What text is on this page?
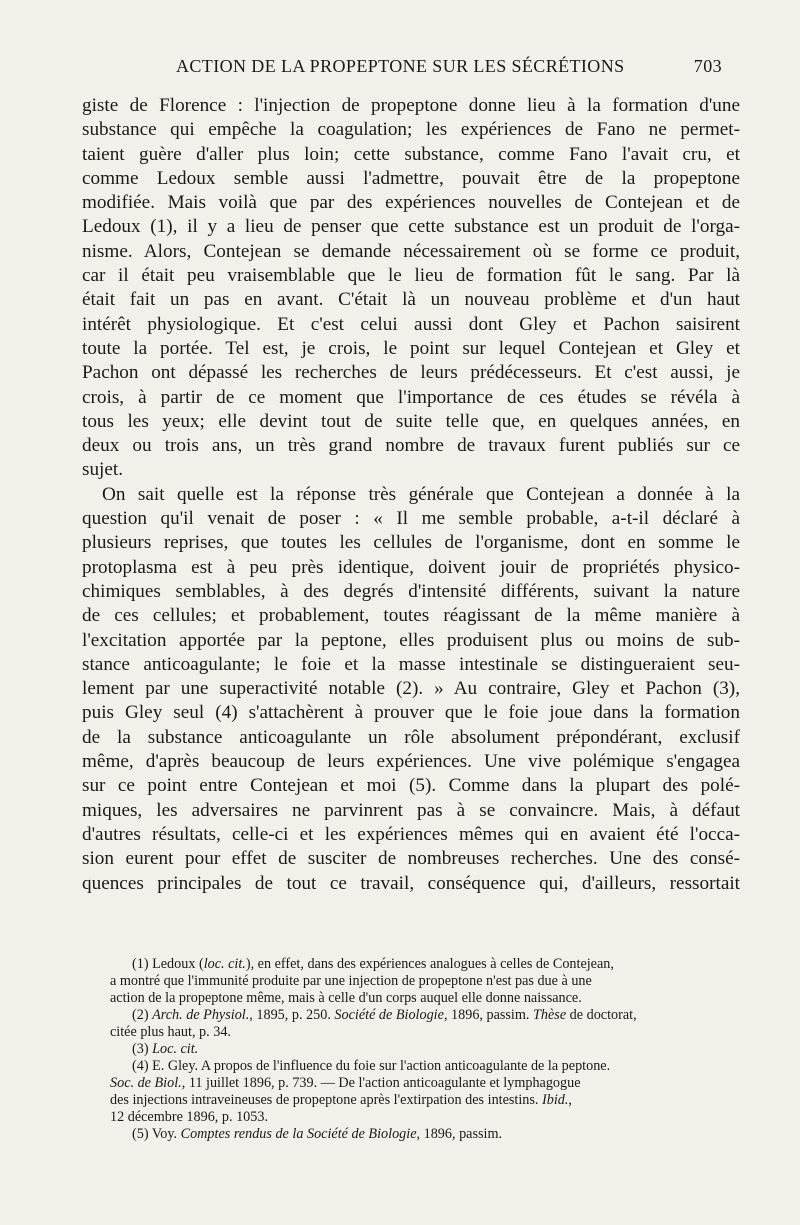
ACTION DE LA PROPEPTONE SUR LES SÉCRÉTIONS	703
giste de Florence : l'injection de propeptone donne lieu à la formation d'une
substance qui empêche la coagulation; les expériences de Fano ne permet-
taient guère d'aller plus loin; cette substance, comme Fano l'avait cru, et
comme Ledoux semble aussi l'admettre, pouvait être de la propeptone
modifiée. Mais voilà que par des expériences nouvelles de Contejean et de
Ledoux (1), il y a lieu de penser que cette substance est un produit de l'orga-
nisme. Alors, Contejean se demande nécessairement où se forme ce produit,
car il était peu vraisemblable que le lieu de formation fût le sang. Par là
était fait un pas en avant. C'était là un nouveau problème et d'un haut
intérêt physiologique. Et c'est celui aussi dont Gley et Pachon saisirent
toute la portée. Tel est, je crois, le point sur lequel Contejean et Gley et
Pachon ont dépassé les recherches de leurs prédécesseurs. Et c'est aussi, je
crois, à partir de ce moment que l'importance de ces études se révéla à
tous les yeux; elle devint tout de suite telle que, en quelques années, en
deux ou trois ans, un très grand nombre de travaux furent publiés sur ce
sujet.
On sait quelle est la réponse très générale que Contejean a donnée à la
question qu'il venait de poser : « Il me semble probable, a-t-il déclaré à
plusieurs reprises, que toutes les cellules de l'organisme, dont en somme le
protoplasma est à peu près identique, doivent jouir de propriétés physico-
chimiques semblables, à des degrés d'intensité différents, suivant la nature
de ces cellules; et probablement, toutes réagissant de la même manière à
l'excitation apportée par la peptone, elles produisent plus ou moins de sub-
stance anticoagulante; le foie et la masse intestinale se distingueraient seu-
lement par une superactivité notable (2). » Au contraire, Gley et Pachon (3),
puis Gley seul (4) s'attachèrent à prouver que le foie joue dans la formation
de la substance anticoagulante un rôle absolument prépondérant, exclusif
même, d'après beaucoup de leurs expériences. Une vive polémique s'engagea
sur ce point entre Contejean et moi (5). Comme dans la plupart des polé-
miques, les adversaires ne parvinrent pas à se convaincre. Mais, à défaut
d'autres résultats, celle-ci et les expériences mêmes qui en avaient été l'occa-
sion eurent pour effet de susciter de nombreuses recherches. Une des consé-
quences principales de tout ce travail, conséquence qui, d'ailleurs, ressortait
(1) Ledoux (loc. cit.), en effet, dans des expériences analogues à celles de Contejean,
a montré que l'immunité produite par une injection de propeptone n'est pas due à une
action de la propeptone même, mais à celle d'un corps auquel elle donne naissance.
(2) Arch. de Physiol., 1895, p. 250. Société de Biologie, 1896, passim. Thèse de doctorat,
citée plus haut, p. 34.
(3) Loc. cit.
(4) E. Gley. A propos de l'influence du foie sur l'action anticoagulante de la peptone.
Soc. de Biol., 11 juillet 1896, p. 739. — De l'action anticoagulante et lymphagogue
des injections intraveineuses de propeptone après l'extirpation des intestins. Ibid.,
12 décembre 1896, p. 1053.
(5) Voy. Comptes rendus de la Société de Biologie, 1896, passim.
